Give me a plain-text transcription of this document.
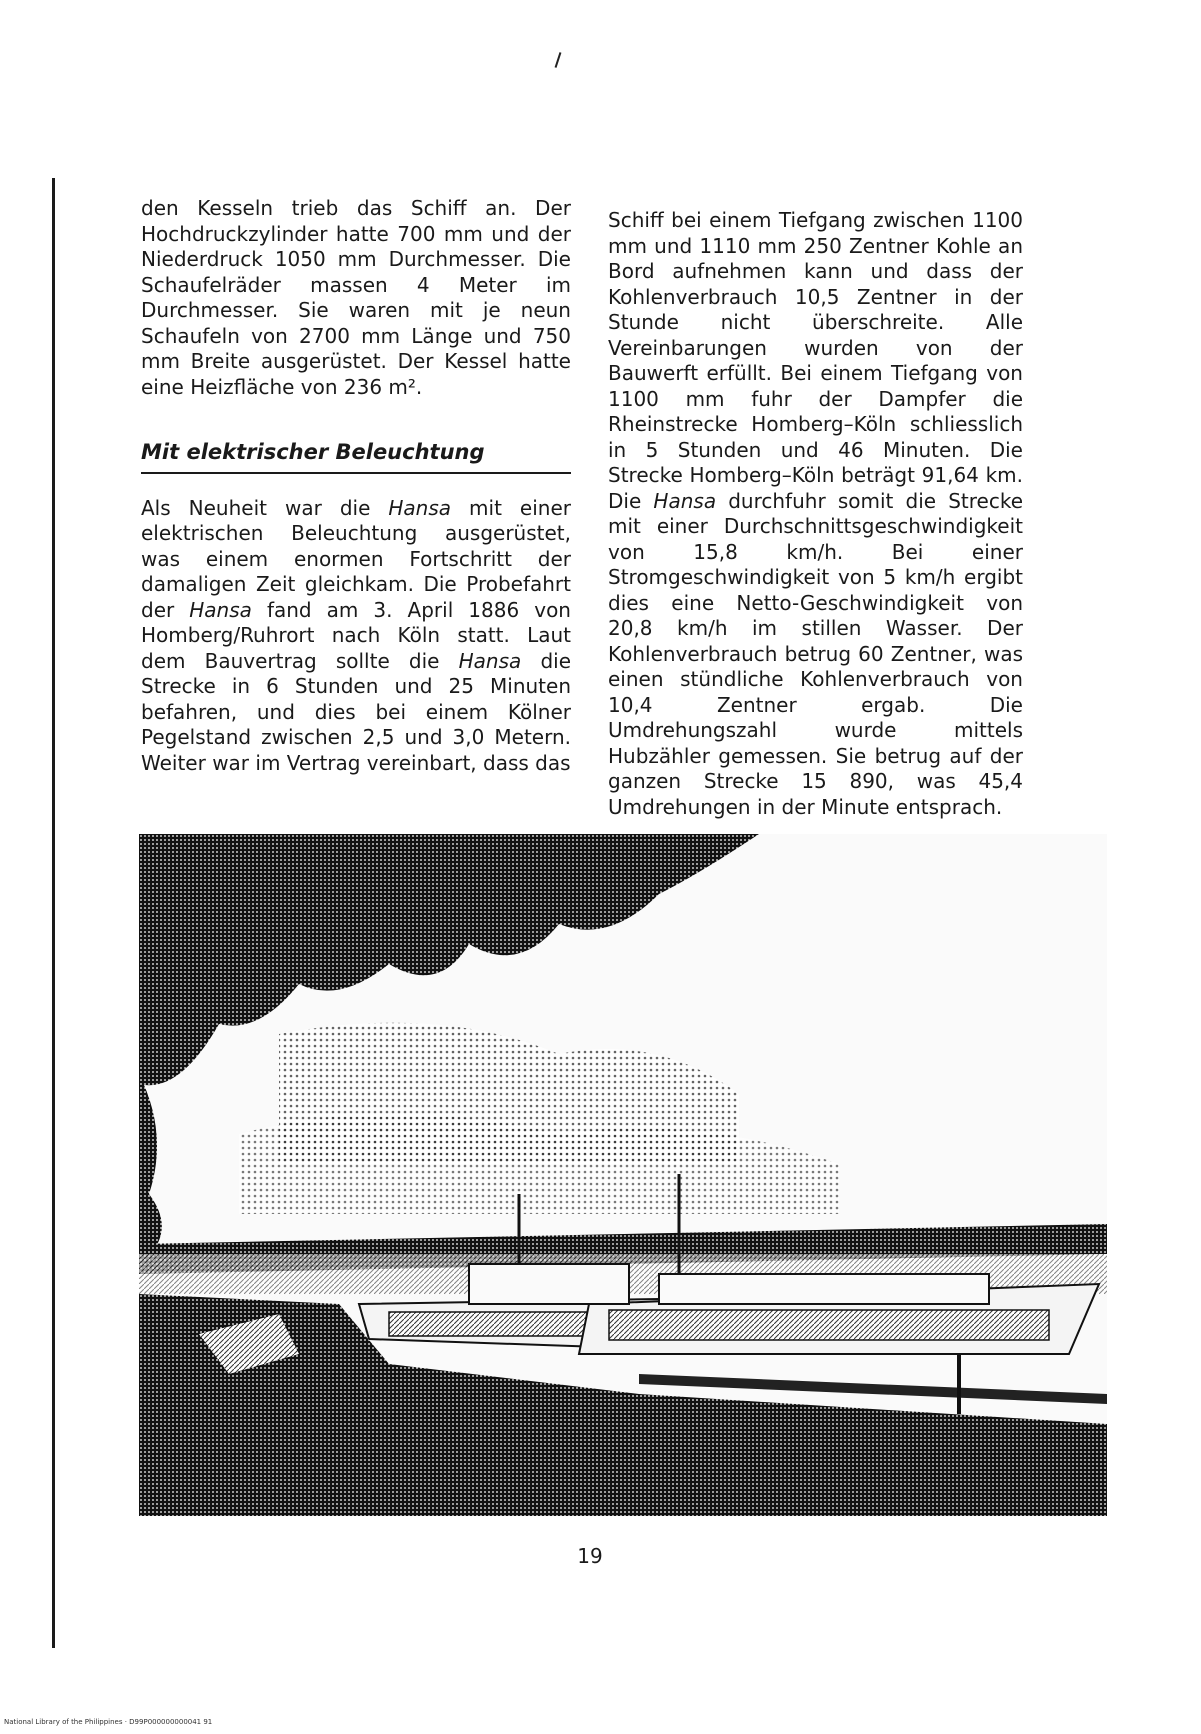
den Kesseln trieb das Schiff an. Der Hochdruckzylinder hatte 700 mm und der Niederdruck 1050 mm Durchmesser. Die Schaufelräder massen 4 Meter im Durchmesser. Sie waren mit je neun Schaufeln von 2700 mm Länge und 750 mm Breite ausgerüstet. Der Kessel hatte eine Heizfläche von 236 m².

Mit elektrischer Beleuchtung

Als Neuheit war die Hansa mit einer elektrischen Beleuchtung ausgerüstet, was einem enormen Fortschritt der damaligen Zeit gleichkam. Die Probefahrt der Hansa fand am 3. April 1886 von Homberg/Ruhrort nach Köln statt. Laut dem Bauvertrag sollte die Hansa die Strecke in 6 Stunden und 25 Minuten befahren, und dies bei einem Kölner Pegelstand zwischen 2,5 und 3,0 Metern. Weiter war im Vertrag vereinbart, dass das

Schiff bei einem Tiefgang zwischen 1100 mm und 1110 mm 250 Zentner Kohle an Bord aufnehmen kann und dass der Kohlenverbrauch 10,5 Zentner in der Stunde nicht überschreite. Alle Vereinbarungen wurden von der Bauwerft erfüllt. Bei einem Tiefgang von 1100 mm fuhr der Dampfer die Rheinstrecke Homberg–Köln schliesslich in 5 Stunden und 46 Minuten. Die Strecke Homberg–Köln beträgt 91,64 km. Die Hansa durchfuhr somit die Strecke mit einer Durchschnittsgeschwindigkeit von 15,8 km/h. Bei einer Stromgeschwindigkeit von 5 km/h ergibt dies eine Netto-Geschwindigkeit von 20,8 km/h im stillen Wasser. Der Kohlenverbrauch betrug 60 Zentner, was einen stündliche Kohlenverbrauch von 10,4 Zentner ergab. Die Umdrehungszahl wurde mittels Hubzähler gemessen. Sie betrug auf der ganzen Strecke 15 890, was 45,4 Umdrehungen in der Minute entsprach.

19
National Library of the Philippines · D99P000000000041 91
